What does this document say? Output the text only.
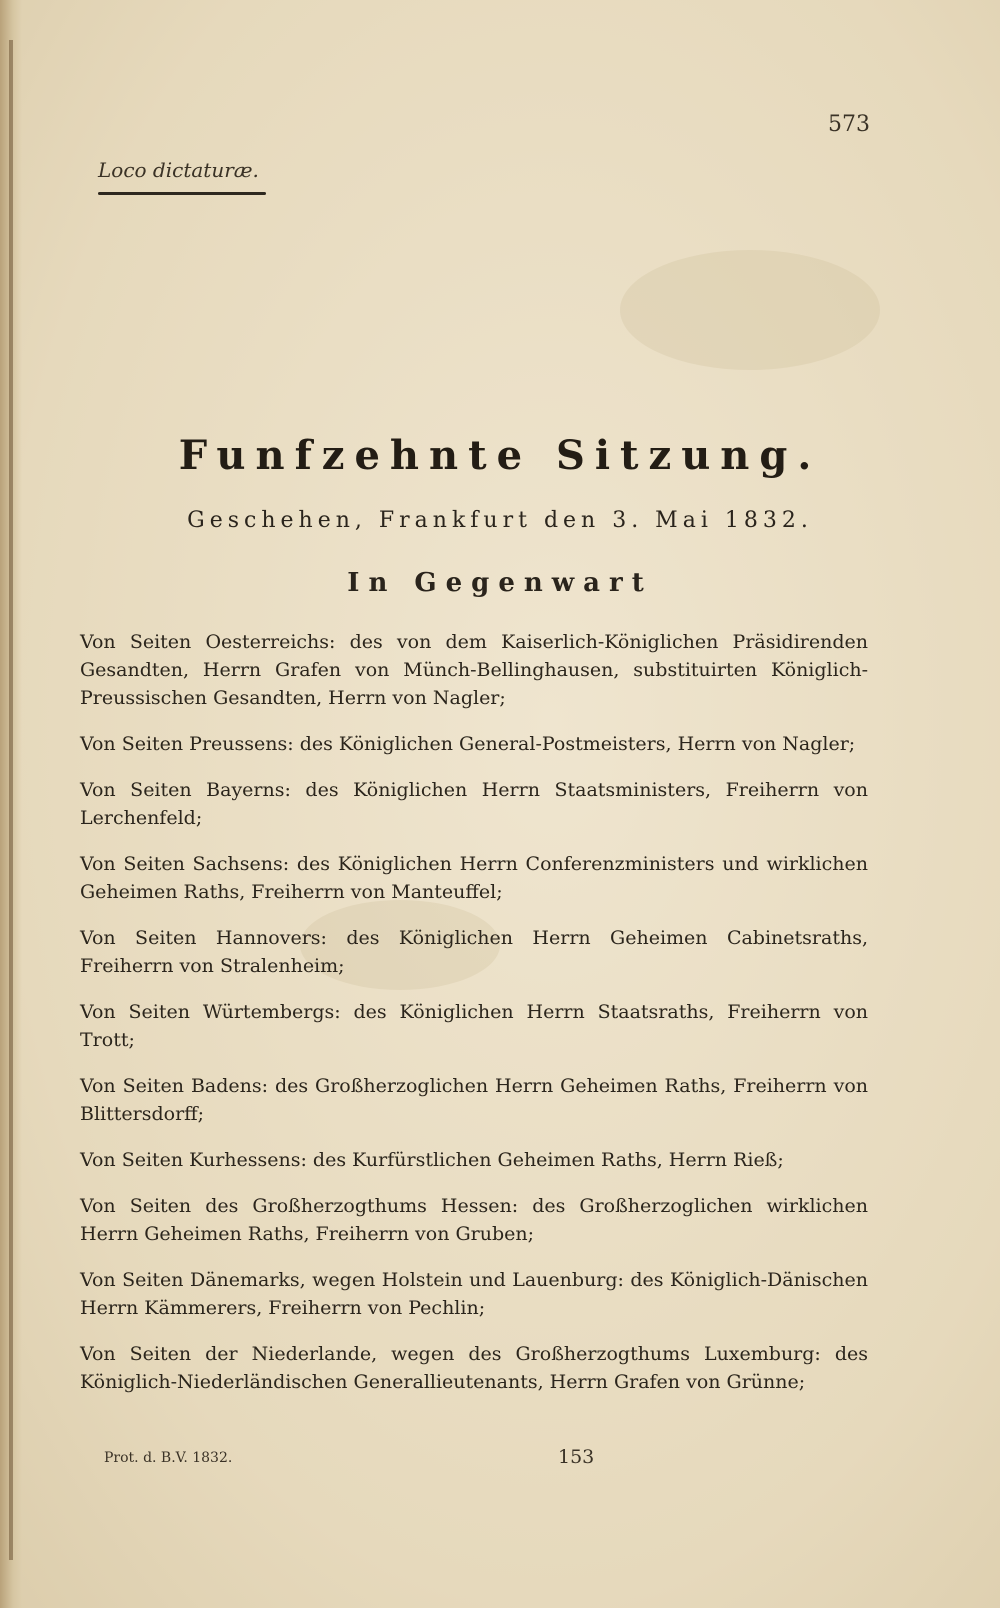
573
Loco dictaturæ.
Funfzehnte Sitzung.
Geschehen, Frankfurt den 3. Mai 1832.
In Gegenwart

Von Seiten Oesterreichs: des von dem Kaiserlich-Königlichen Präsidirenden Gesandten, Herrn Grafen von Münch-Bellinghausen, substituirten Königlich-Preussischen Gesandten, Herrn von Nagler;

Von Seiten Preussens: des Königlichen General-Postmeisters, Herrn von Nagler;

Von Seiten Bayerns: des Königlichen Herrn Staatsministers, Freiherrn von Lerchenfeld;

Von Seiten Sachsens: des Königlichen Herrn Conferenzministers und wirklichen Geheimen Raths, Freiherrn von Manteuffel;

Von Seiten Hannovers: des Königlichen Herrn Geheimen Cabinetsraths, Freiherrn von Stralenheim;

Von Seiten Würtembergs: des Königlichen Herrn Staatsraths, Freiherrn von Trott;

Von Seiten Badens: des Großherzoglichen Herrn Geheimen Raths, Freiherrn von Blittersdorff;

Von Seiten Kurhessens: des Kurfürstlichen Geheimen Raths, Herrn Rieß;

Von Seiten des Großherzogthums Hessen: des Großherzoglichen wirklichen Herrn Geheimen Raths, Freiherrn von Gruben;

Von Seiten Dänemarks, wegen Holstein und Lauenburg: des Königlich-Dänischen Herrn Kämmerers, Freiherrn von Pechlin;

Von Seiten der Niederlande, wegen des Großherzogthums Luxemburg: des Königlich-Niederländischen Generallieutenants, Herrn Grafen von Grünne;

Prot. d. B.V. 1832.	153
